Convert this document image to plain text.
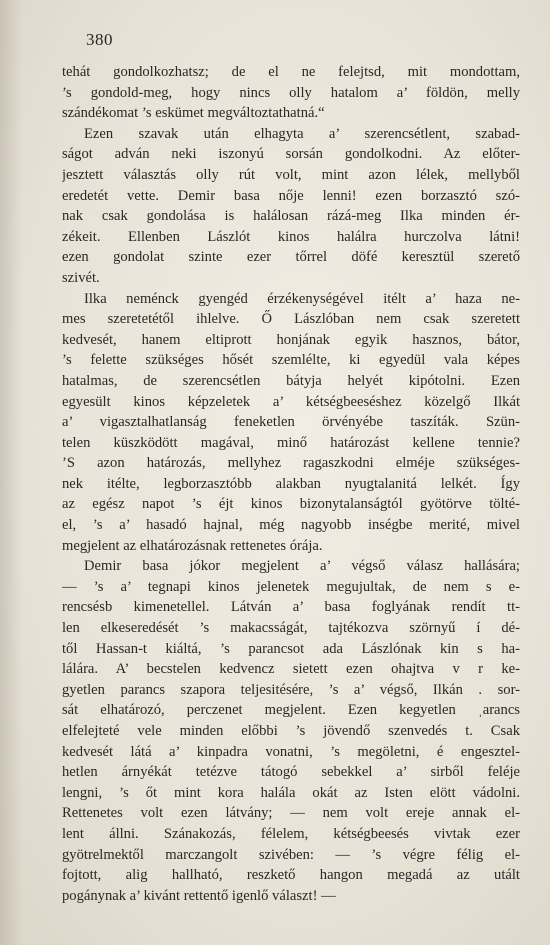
380
tehát gondolkozhatsz; de el ne felejtsd, mit mondottam,
’s gondold-meg, hogy nincs olly hatalom a’ földön, melly
szándékomat ’s eskümet megváltoztathatná.“
Ezen szavak után elhagyta a’ szerencsétlent, szabad-
ságot adván neki iszonyú sorsán gondolkodni. Az előter-
jesztett választás olly rút volt, mint azon lélek, mellyből
eredetét vette. Demir basa nője lenni! ezen borzasztó szó-
nak csak gondolása is halálosan rázá-meg Ilka minden ér-
zékeit. Ellenben Lászlót kinos halálra hurczolva látni!
ezen gondolat szinte ezer tőrrel döfé keresztül szerető
szivét.
Ilka neménck gyengéd érzékenységével itélt a’ haza ne-
mes szeretetétől ihlelve. Ő Lászlóban nem csak szeretett
kedvesét, hanem eltiprott honjának egyik hasznos, bátor,
’s felette szükséges hősét szemlélte, ki egyedül vala képes
hatalmas, de szerencsétlen bátyja helyét kipótolni. Ezen
egyesült kinos képzeletek a’ kétségbeeséshez közelgő Ilkát
a’ vigasztalhatlanság feneketlen örvényébe taszíták. Szün-
telen küszködött magával, minő határozást kellene tennie?
’S azon határozás, mellyhez ragaszkodni elméje szükséges-
nek itélte, legborzasztóbb alakban nyugtalanitá lelkét. Így
az egész napot ’s éjt kinos bizonytalanságtól gyötörve tölté-
el, ’s a’ hasadó hajnal, még nagyobb inségbe merité, mivel
megjelent az elhatározásnak rettenetes órája.
Demir basa jókor megjelent a’ végső válasz hallására;
— ’s a’ tegnapi kinos jelenetek megujultak, de nem s e-
rencsésb kimenetellel. Látván a’ basa foglyának rendít tt-
len elkeseredését ’s makacsságát, tajtékozva szörnyű í dé-
től Hassan-t kiáltá, ’s parancsot ada Lászlónak kin s ha-
lálára. A’ becstelen kedvencz sietett ezen ohajtva v r ke-
gyetlen parancs szapora teljesitésére, ’s a’ végső, Ilkán . sor-
sát elhatározó, perczenet megjelent. Ezen kegyetlen ˌarancs
elfelejteté vele minden előbbi ’s jövendő szenvedés t. Csak
kedvesét látá a’ kinpadra vonatni, ’s megöletni, é engesztel-
hetlen árnyékát tetézve tátogó sebekkel a’ sirből feléje
lengni, ’s őt mint kora halála okát az Isten elött vádolni.
Rettenetes volt ezen látvány; — nem volt ereje annak el-
lent állni. Szánakozás, félelem, kétségbeesés vivtak ezer
gyötrelmektől marczangolt szivében: — ’s végre félig el-
fojtott, alig hallható, reszkető hangon megadá az utált
pogánynak a’ kivánt rettentő igenlő választ! —
